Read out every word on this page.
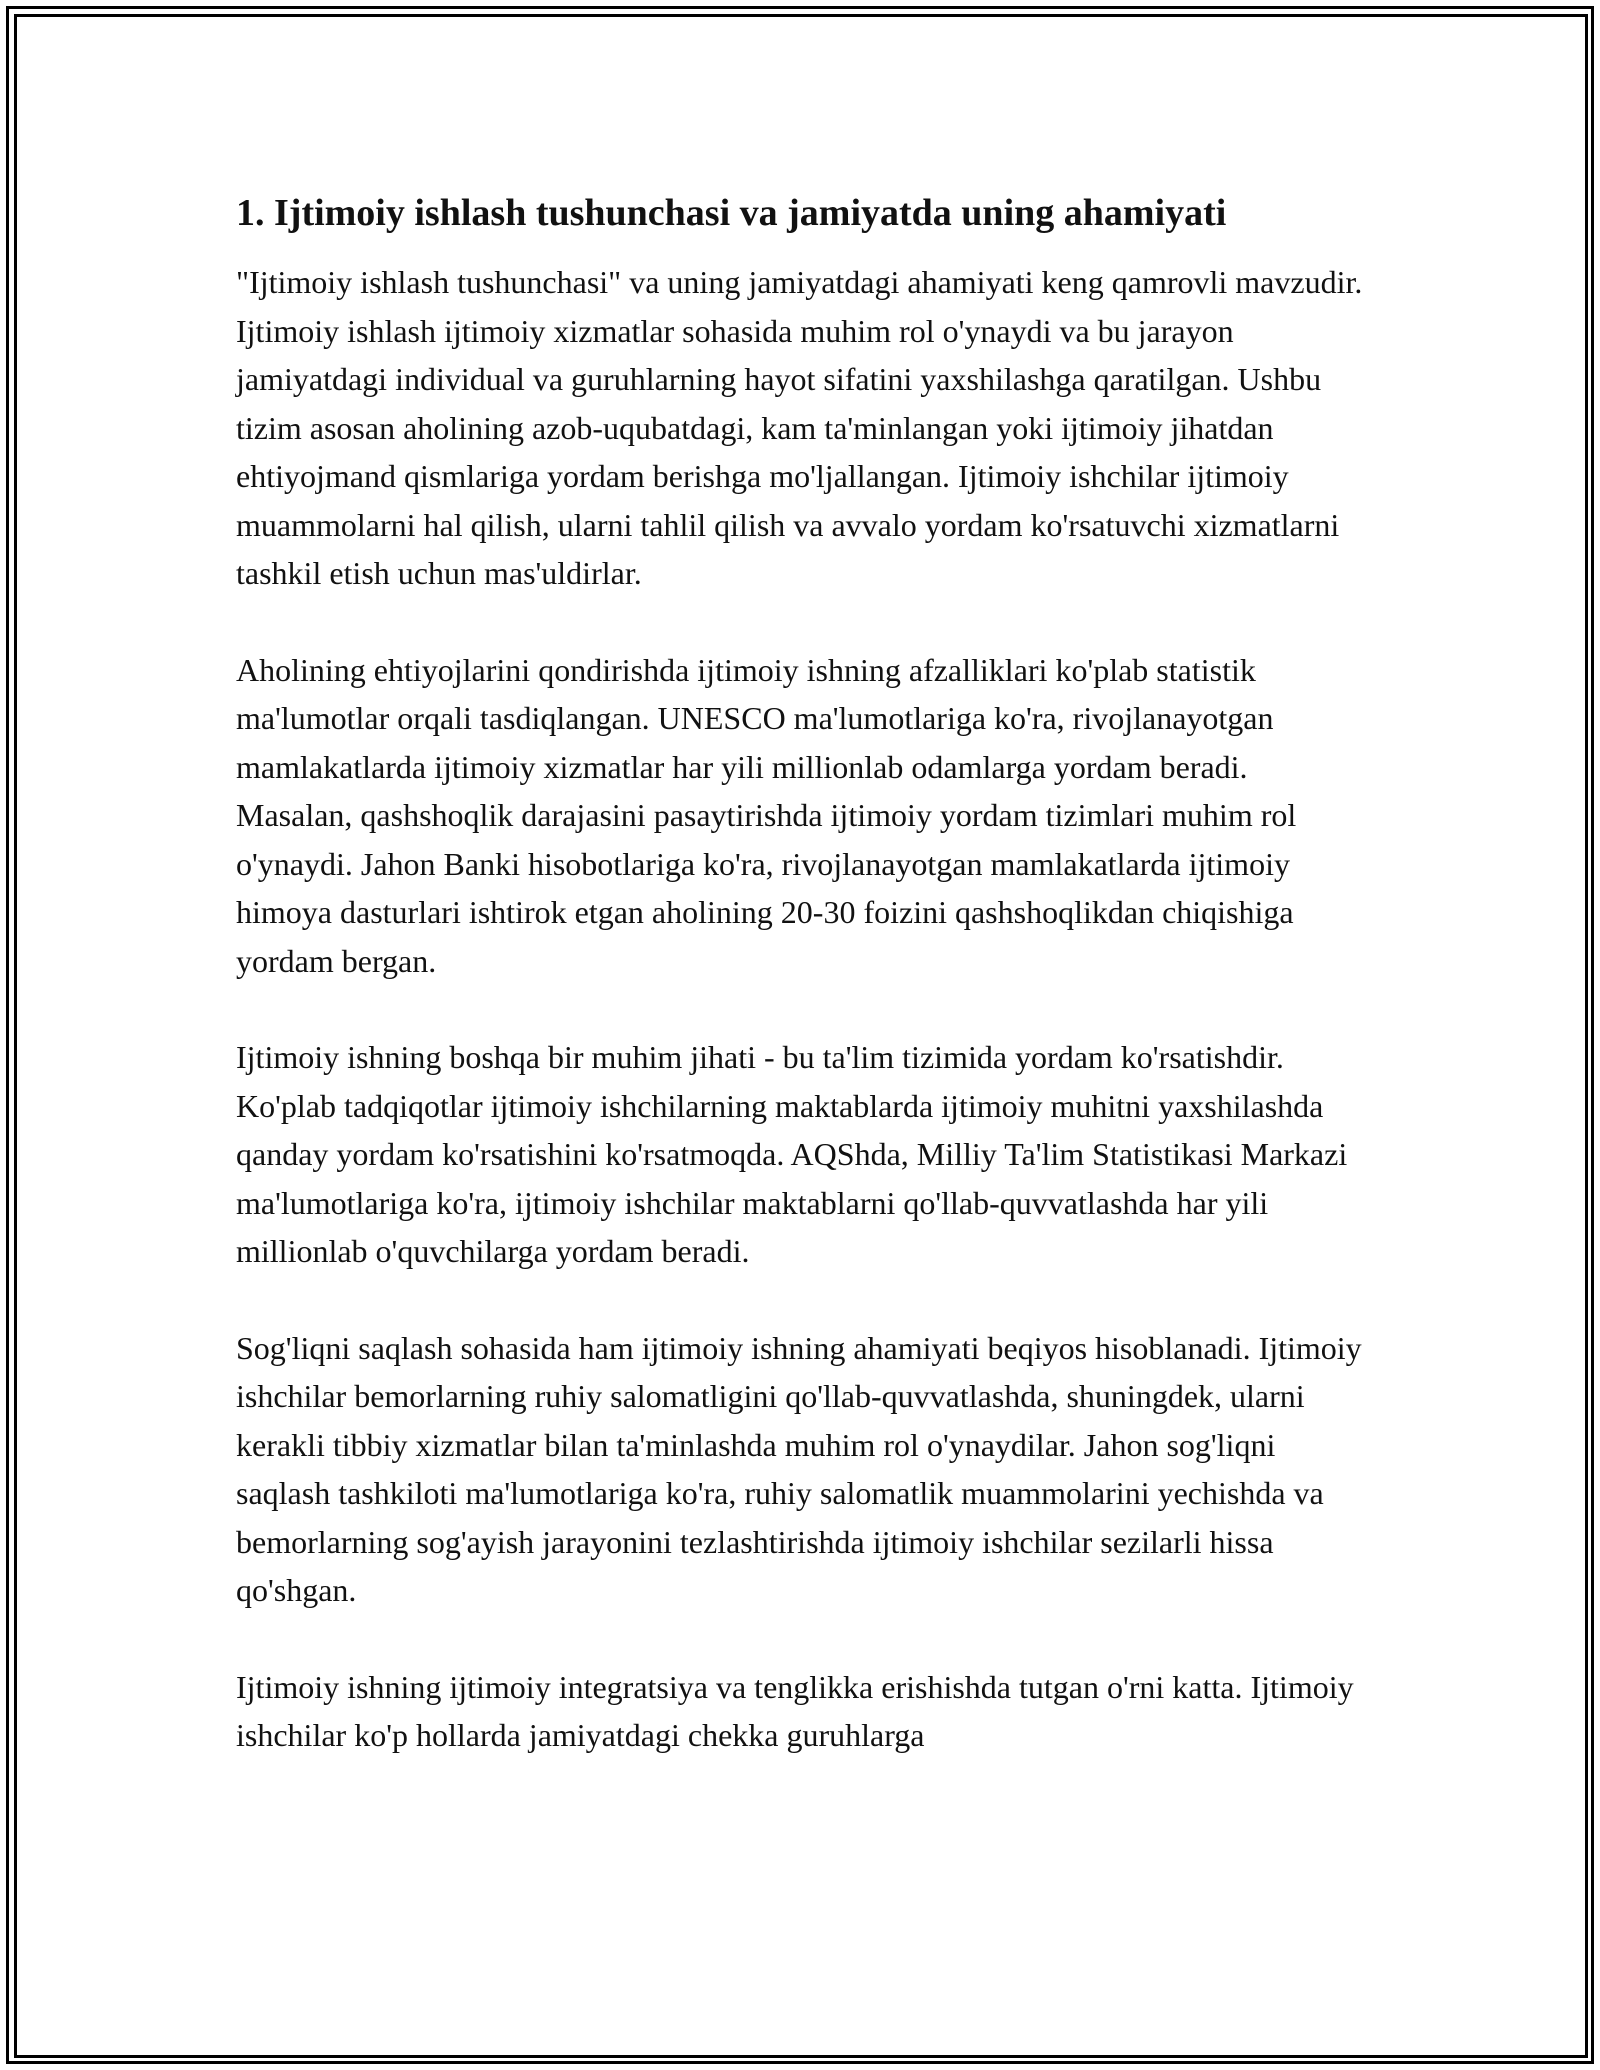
1. Ijtimoiy ishlash tushunchasi va jamiyatda uning ahamiyati

"Ijtimoiy ishlash tushunchasi" va uning jamiyatdagi ahamiyati keng qamrovli mavzudir. Ijtimoiy ishlash ijtimoiy xizmatlar sohasida muhim rol o'ynaydi va bu jarayon jamiyatdagi individual va guruhlarning hayot sifatini yaxshilashga qaratilgan. Ushbu tizim asosan aholining azob-uqubatdagi, kam ta'minlangan yoki ijtimoiy jihatdan ehtiyojmand qismlariga yordam berishga mo'ljallangan. Ijtimoiy ishchilar ijtimoiy muammolarni hal qilish, ularni tahlil qilish va avvalo yordam ko'rsatuvchi xizmatlarni tashkil etish uchun mas'uldirlar.

Aholining ehtiyojlarini qondirishda ijtimoiy ishning afzalliklari ko'plab statistik ma'lumotlar orqali tasdiqlangan. UNESCO ma'lumotlariga ko'ra, rivojlanayotgan mamlakatlarda ijtimoiy xizmatlar har yili millionlab odamlarga yordam beradi. Masalan, qashshoqlik darajasini pasaytirishda ijtimoiy yordam tizimlari muhim rol o'ynaydi. Jahon Banki hisobotlariga ko'ra, rivojlanayotgan mamlakatlarda ijtimoiy himoya dasturlari ishtirok etgan aholining 20-30 foizini qashshoqlikdan chiqishiga yordam bergan.

Ijtimoiy ishning boshqa bir muhim jihati - bu ta'lim tizimida yordam ko'rsatishdir. Ko'plab tadqiqotlar ijtimoiy ishchilarning maktablarda ijtimoiy muhitni yaxshilashda qanday yordam ko'rsatishini ko'rsatmoqda. AQShda, Milliy Ta'lim Statistikasi Markazi ma'lumotlariga ko'ra, ijtimoiy ishchilar maktablarni qo'llab-quvvatlashda har yili millionlab o'quvchilarga yordam beradi.

Sog'liqni saqlash sohasida ham ijtimoiy ishning ahamiyati beqiyos hisoblanadi. Ijtimoiy ishchilar bemorlarning ruhiy salomatligini qo'llab-quvvatlashda, shuningdek, ularni kerakli tibbiy xizmatlar bilan ta'minlashda muhim rol o'ynaydilar. Jahon sog'liqni saqlash tashkiloti ma'lumotlariga ko'ra, ruhiy salomatlik muammolarini yechishda va bemorlarning sog'ayish jarayonini tezlashtirishda ijtimoiy ishchilar sezilarli hissa qo'shgan.

Ijtimoiy ishning ijtimoiy integratsiya va tenglikka erishishda tutgan o'rni katta. Ijtimoiy ishchilar ko'p hollarda jamiyatdagi chekka guruhlarga
